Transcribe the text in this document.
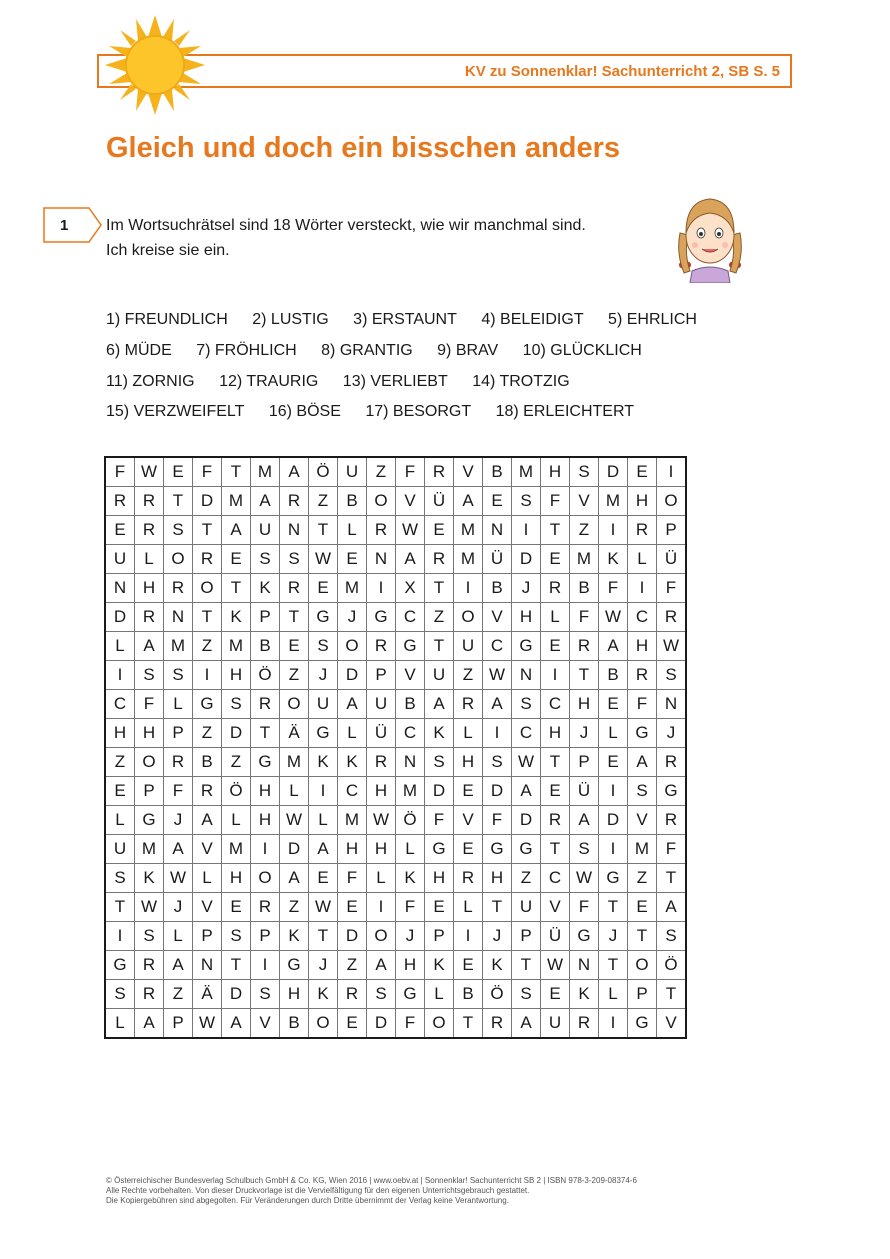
KV zu Sonnenklar! Sachunterricht 2, SB S. 5
Gleich und doch ein bisschen anders
1 Im Wortsuchrätsel sind 18 Wörter versteckt, wie wir manchmal sind.
Ich kreise sie ein.
1) FREUNDLICH 2) LUSTIG 3) ERSTAUNT 4) BELEIDIGT 5) EHRLICH
6) MÜDE 7) FRÖHLICH 8) GRANTIG 9) BRAV 10) GLÜCKLICH
11) ZORNIG 12) TRAURIG 13) VERLIEBT 14) TROTZIG
15) VERZWEIFELT 16) BÖSE 17) BESORGT 18) ERLEICHTERT
F	W	E	F	T	M	A	Ö	U	Z	F	R	V	B	M	H	S	D	E	I
R	R	T	D	M	A	R	Z	B	O	V	Ü	A	E	S	F	V	M	H	O
E	R	S	T	A	U	N	T	L	R	W	E	M	N	I	T	Z	I	R	P
U	L	O	R	E	S	S	W	E	N	A	R	M	Ü	D	E	M	K	L	Ü
N	H	R	O	T	K	R	E	M	I	X	T	I	B	J	R	B	F	I	F
D	R	N	T	K	P	T	G	J	G	C	Z	O	V	H	L	F	W	C	R
L	A	M	Z	M	B	E	S	O	R	G	T	U	C	G	E	R	A	H	W
I	S	S	I	H	Ö	Z	J	D	P	V	U	Z	W	N	I	T	B	R	S
C	F	L	G	S	R	O	U	A	U	B	A	R	A	S	C	H	E	F	N
H	H	P	Z	D	T	Ä	G	L	Ü	C	K	L	I	C	H	J	L	G	J
Z	O	R	B	Z	G	M	K	K	R	N	S	H	S	W	T	P	E	A	R
E	P	F	R	Ö	H	L	I	C	H	M	D	E	D	A	E	Ü	I	S	G
L	G	J	A	L	H	W	L	M	W	Ö	F	V	F	D	R	A	D	V	R
U	M	A	V	M	I	D	A	H	H	L	G	E	G	G	T	S	I	M	F
S	K	W	L	H	O	A	E	F	L	K	H	R	H	Z	C	W	G	Z	T
T	W	J	V	E	R	Z	W	E	I	F	E	L	T	U	V	F	T	E	A
I	S	L	P	S	P	K	T	D	O	J	P	I	J	P	Ü	G	J	T	S
G	R	A	N	T	I	G	J	Z	A	H	K	E	K	T	W	N	T	O	Ö
S	R	Z	Ä	D	S	H	K	R	S	G	L	B	Ö	S	E	K	L	P	T
L	A	P	W	A	V	B	O	E	D	F	O	T	R	A	U	R	I	G	V
© Österreichischer Bundesverlag Schulbuch GmbH & Co. KG, Wien 2016 | www.oebv.at | Sonnenklar! Sachunterricht SB 2 | ISBN 978-3-209-08374-6
Alle Rechte vorbehalten. Von dieser Druckvorlage ist die Vervielfältigung für den eigenen Unterrichtsgebrauch gestattet.
Die Kopiergebühren sind abgegolten. Für Veränderungen durch Dritte übernimmt der Verlag keine Verantwortung.
